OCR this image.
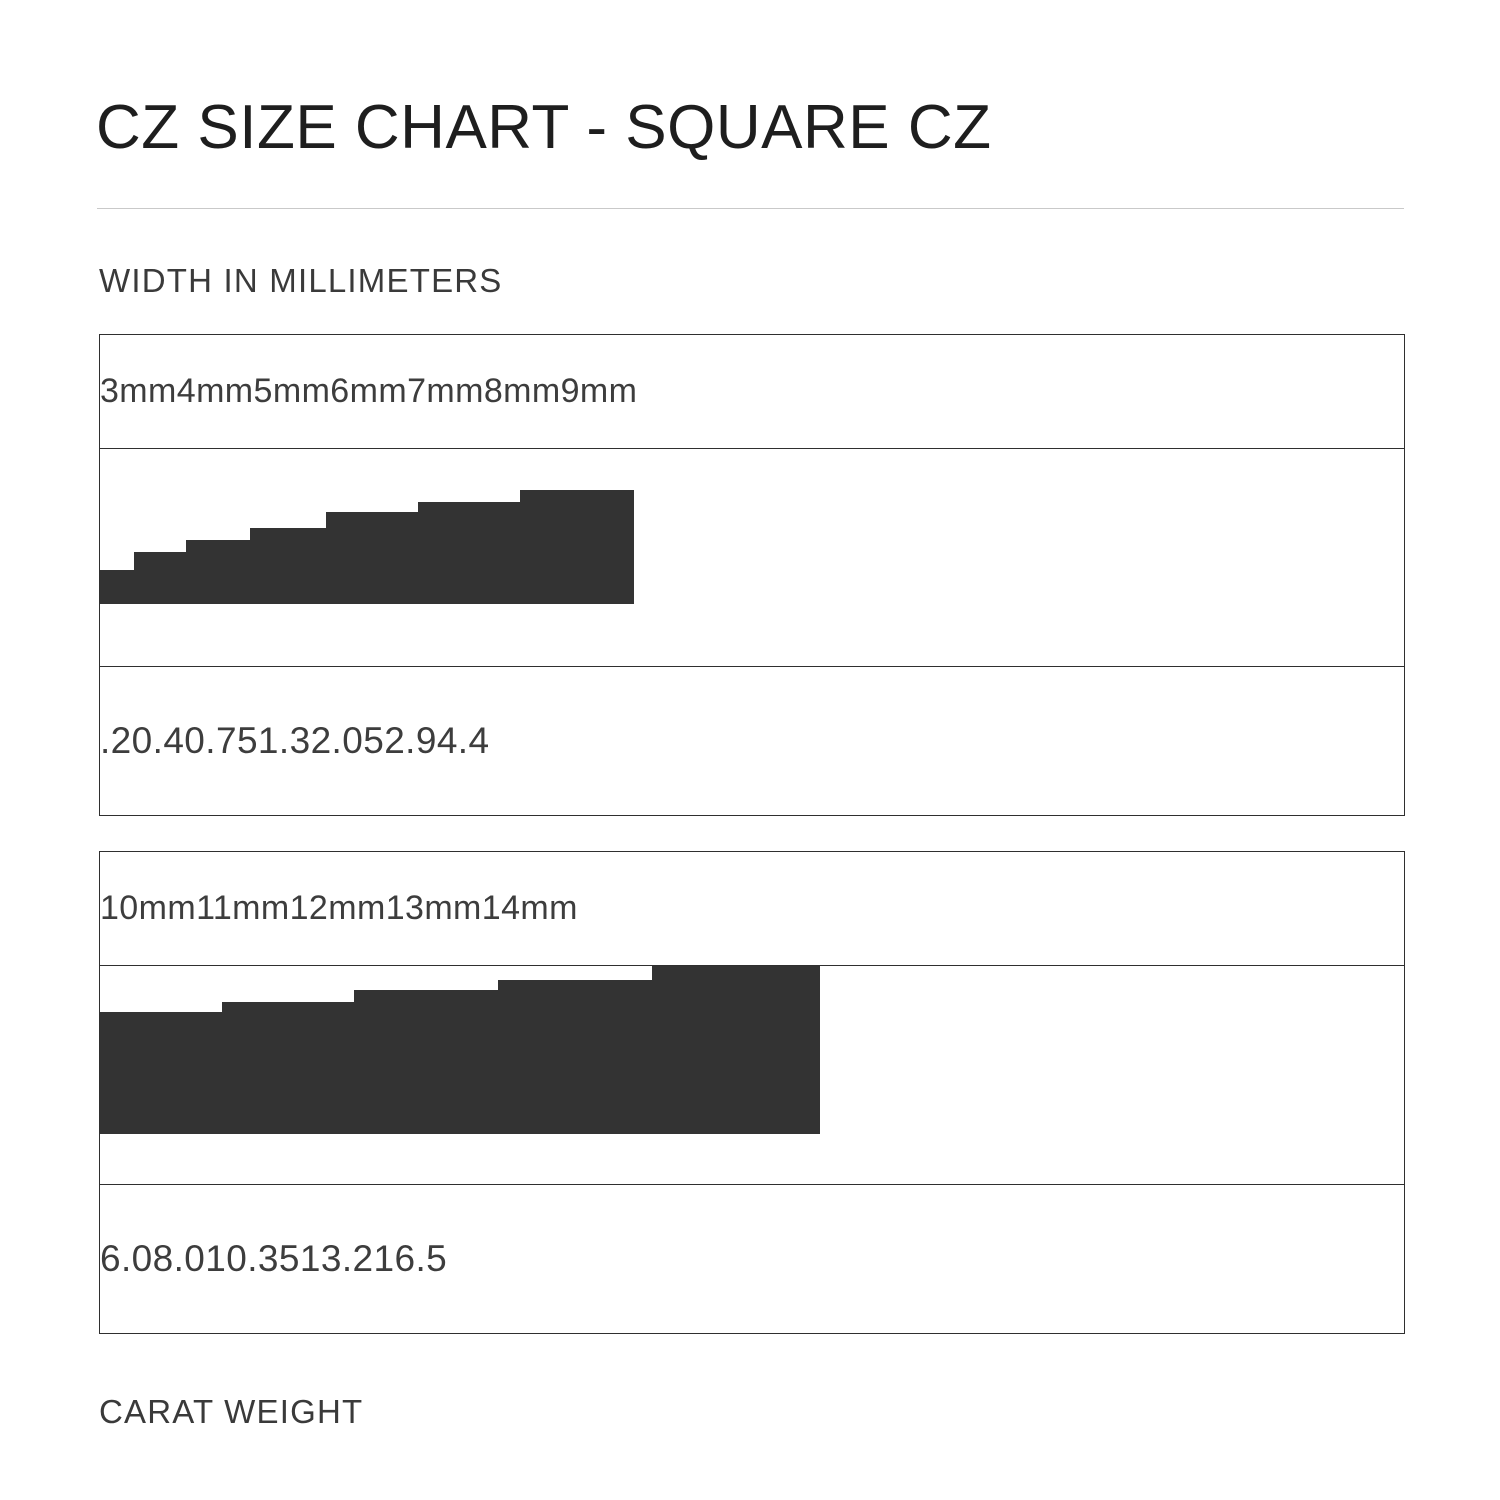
CZ SIZE CHART - SQUARE CZ
WIDTH IN MILLIMETERS
3mm 4mm 5mm 6mm 7mm 8mm 9mm
.20 .40 .75 1.3 2.05 2.9 4.4
10mm 11mm 12mm 13mm 14mm
6.0 8.0 10.35 13.2 16.5
CARAT WEIGHT
